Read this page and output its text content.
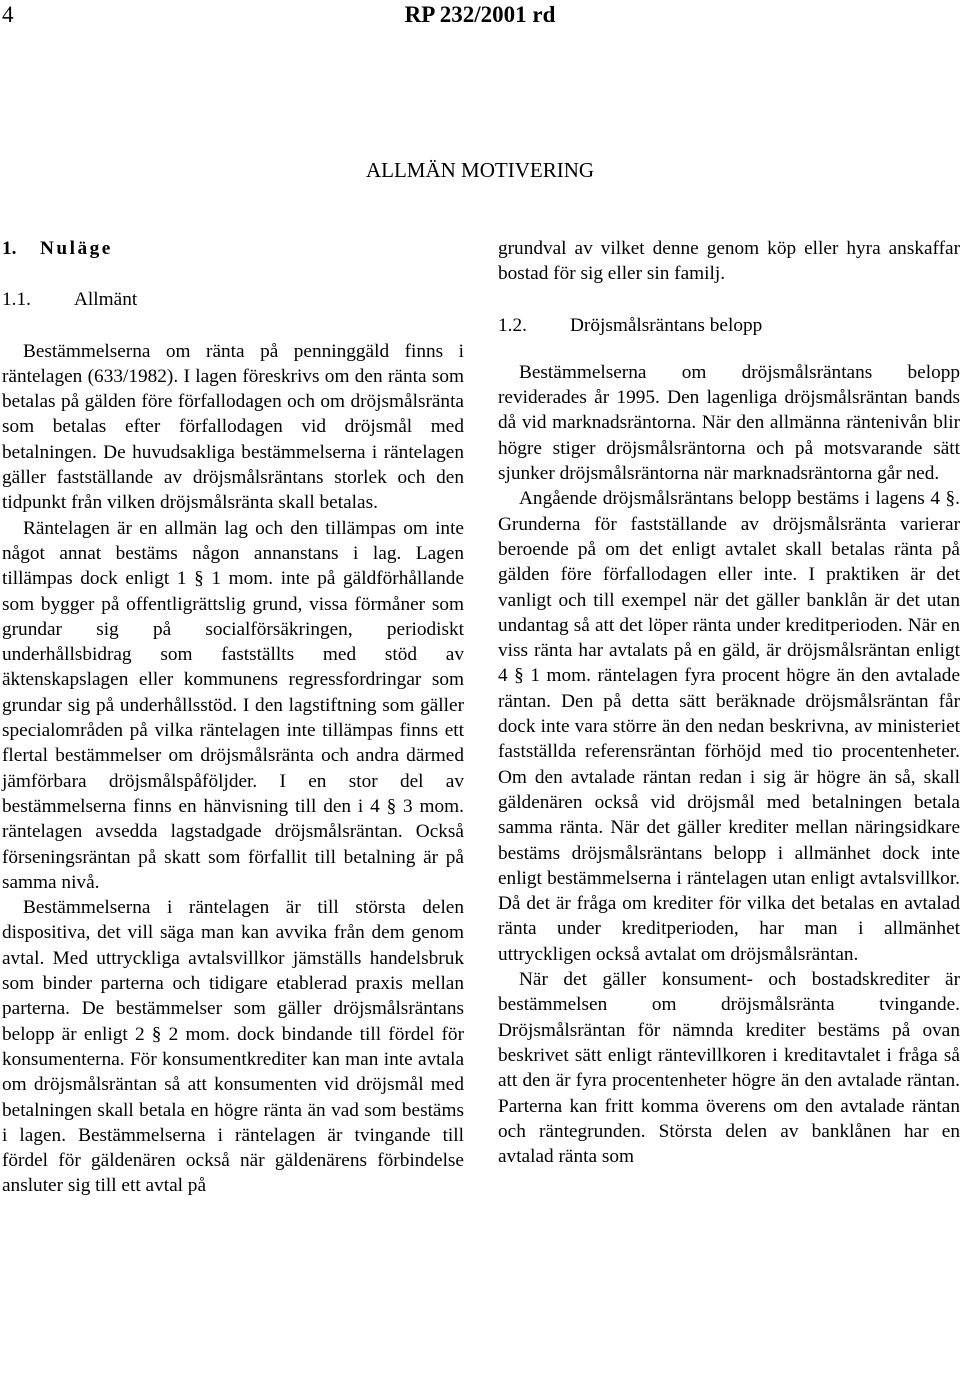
4	RP 232/2001 rd
ALLMÄN MOTIVERING
1. Nuläge
1.1. Allmänt

Bestämmelserna om ränta på penninggäld finns i räntelagen (633/1982). I lagen föreskrivs om den ränta som betalas på gälden före förfallodagen och om dröjsmålsränta som betalas efter förfallodagen vid dröjsmål med betalningen. De huvudsakliga bestämmelserna i räntelagen gäller fastställande av dröjsmålsräntans storlek och den tidpunkt från vilken dröjsmålsränta skall betalas.

Räntelagen är en allmän lag och den tillämpas om inte något annat bestäms någon annanstans i lag. Lagen tillämpas dock enligt 1 § 1 mom. inte på gäldförhållande som bygger på offentligrättslig grund, vissa förmåner som grundar sig på socialförsäkringen, periodiskt underhållsbidrag som fastställts med stöd av äktenskapslagen eller kommunens regressfordringar som grundar sig på underhållsstöd. I den lagstiftning som gäller specialområden på vilka räntelagen inte tillämpas finns ett flertal bestämmelser om dröjsmålsränta och andra därmed jämförbara dröjsmålspåföljder. I en stor del av bestämmelserna finns en hänvisning till den i 4 § 3 mom. räntelagen avsedda lagstadgade dröjsmålsräntan. Också förseningsräntan på skatt som förfallit till betalning är på samma nivå.

Bestämmelserna i räntelagen är till största delen dispositiva, det vill säga man kan avvika från dem genom avtal. Med uttryckliga avtalsvillkor jämställs handelsbruk som binder parterna och tidigare etablerad praxis mellan parterna. De bestämmelser som gäller dröjsmålsräntans belopp är enligt 2 § 2 mom. dock bindande till fördel för konsumenterna. För konsumentkrediter kan man inte avtala om dröjsmålsräntan så att konsumenten vid dröjsmål med betalningen skall betala en högre ränta än vad som bestäms i lagen. Bestämmelserna i räntelagen är tvingande till fördel för gäldenären också när gäldenärens förbindelse ansluter sig till ett avtal på

grundval av vilket denne genom köp eller hyra anskaffar bostad för sig eller sin familj.

1.2. Dröjsmålsräntans belopp

Bestämmelserna om dröjsmålsräntans belopp reviderades år 1995. Den lagenliga dröjsmålsräntan bands då vid marknadsräntorna. När den allmänna räntenivån blir högre stiger dröjsmålsräntorna och på motsvarande sätt sjunker dröjsmålsräntorna när marknadsräntorna går ned.

Angående dröjsmålsräntans belopp bestäms i lagens 4 §. Grunderna för fastställande av dröjsmålsränta varierar beroende på om det enligt avtalet skall betalas ränta på gälden före förfallodagen eller inte. I praktiken är det vanligt och till exempel när det gäller banklån är det utan undantag så att det löper ränta under kreditperioden. När en viss ränta har avtalats på en gäld, är dröjsmålsräntan enligt 4 § 1 mom. räntelagen fyra procent högre än den avtalade räntan. Den på detta sätt beräknade dröjsmålsräntan får dock inte vara större än den nedan beskrivna, av ministeriet fastställda referensräntan förhöjd med tio procentenheter. Om den avtalade räntan redan i sig är högre än så, skall gäldenären också vid dröjsmål med betalningen betala samma ränta. När det gäller krediter mellan näringsidkare bestäms dröjsmålsräntans belopp i allmänhet dock inte enligt bestämmelserna i räntelagen utan enligt avtalsvillkor. Då det är fråga om krediter för vilka det betalas en avtalad ränta under kreditperioden, har man i allmänhet uttryckligen också avtalat om dröjsmålsräntan.

När det gäller konsument- och bostadskrediter är bestämmelsen om dröjsmålsränta tvingande. Dröjsmålsräntan för nämnda krediter bestäms på ovan beskrivet sätt enligt räntevillkoren i kreditavtalet i fråga så att den är fyra procentenheter högre än den avtalade räntan. Parterna kan fritt komma överens om den avtalade räntan och räntegrunden. Största delen av banklånen har en avtalad ränta som
